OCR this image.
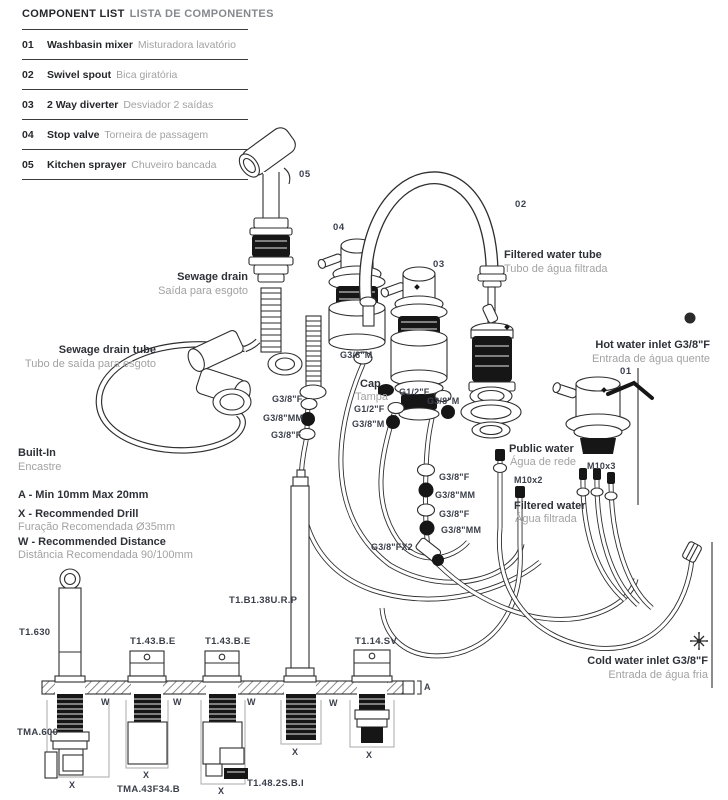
COMPONENT LIST LISTA DE COMPONENTES
01	Washbasin mixer Misturadora lavatório
02	Swivel spout Bica giratória
03	2 Way diverter Desviador 2 saídas
04	Stop valve Torneira de passagem
05	Kitchen sprayer Chuveiro bancada
05
04
03
02
01
Filtered water tube
Tubo de água filtrada
Sewage drain
Saída para esgoto
Sewage drain tube
Tubo de saída para esgoto
Hot water inlet G3/8"F
Entrada de água quente
Cold water inlet G3/8"F
Entrada de água fria
Built-In
Encastre
A - Min 10mm Max 20mm
X - Recommended Drill
Furação Recomendada Ø35mm
W - Recommended Distance
Distância Recomendada 90/100mm
Public water
Água de rede
Filtered water
Água filtrada
Cap
Tampa
G3/8"M
G1/2"F
G3/8"M
G1/2"F
G3/8"M
G3/8"F
G3/8"MM
G3/8"F
M10x2
M10x3
G3/8"F
G3/8"MM
G3/8"F
G3/8"MM
G3/8"FX2
T1.B1.38U.R.P
T1.630
T1.43.B.E	T1.43.B.E	T1.14.SV
TMA.600
TMA.43F34.B
T1.48.2S.B.I
W	W	W	W
X
X
X
X	X
A
